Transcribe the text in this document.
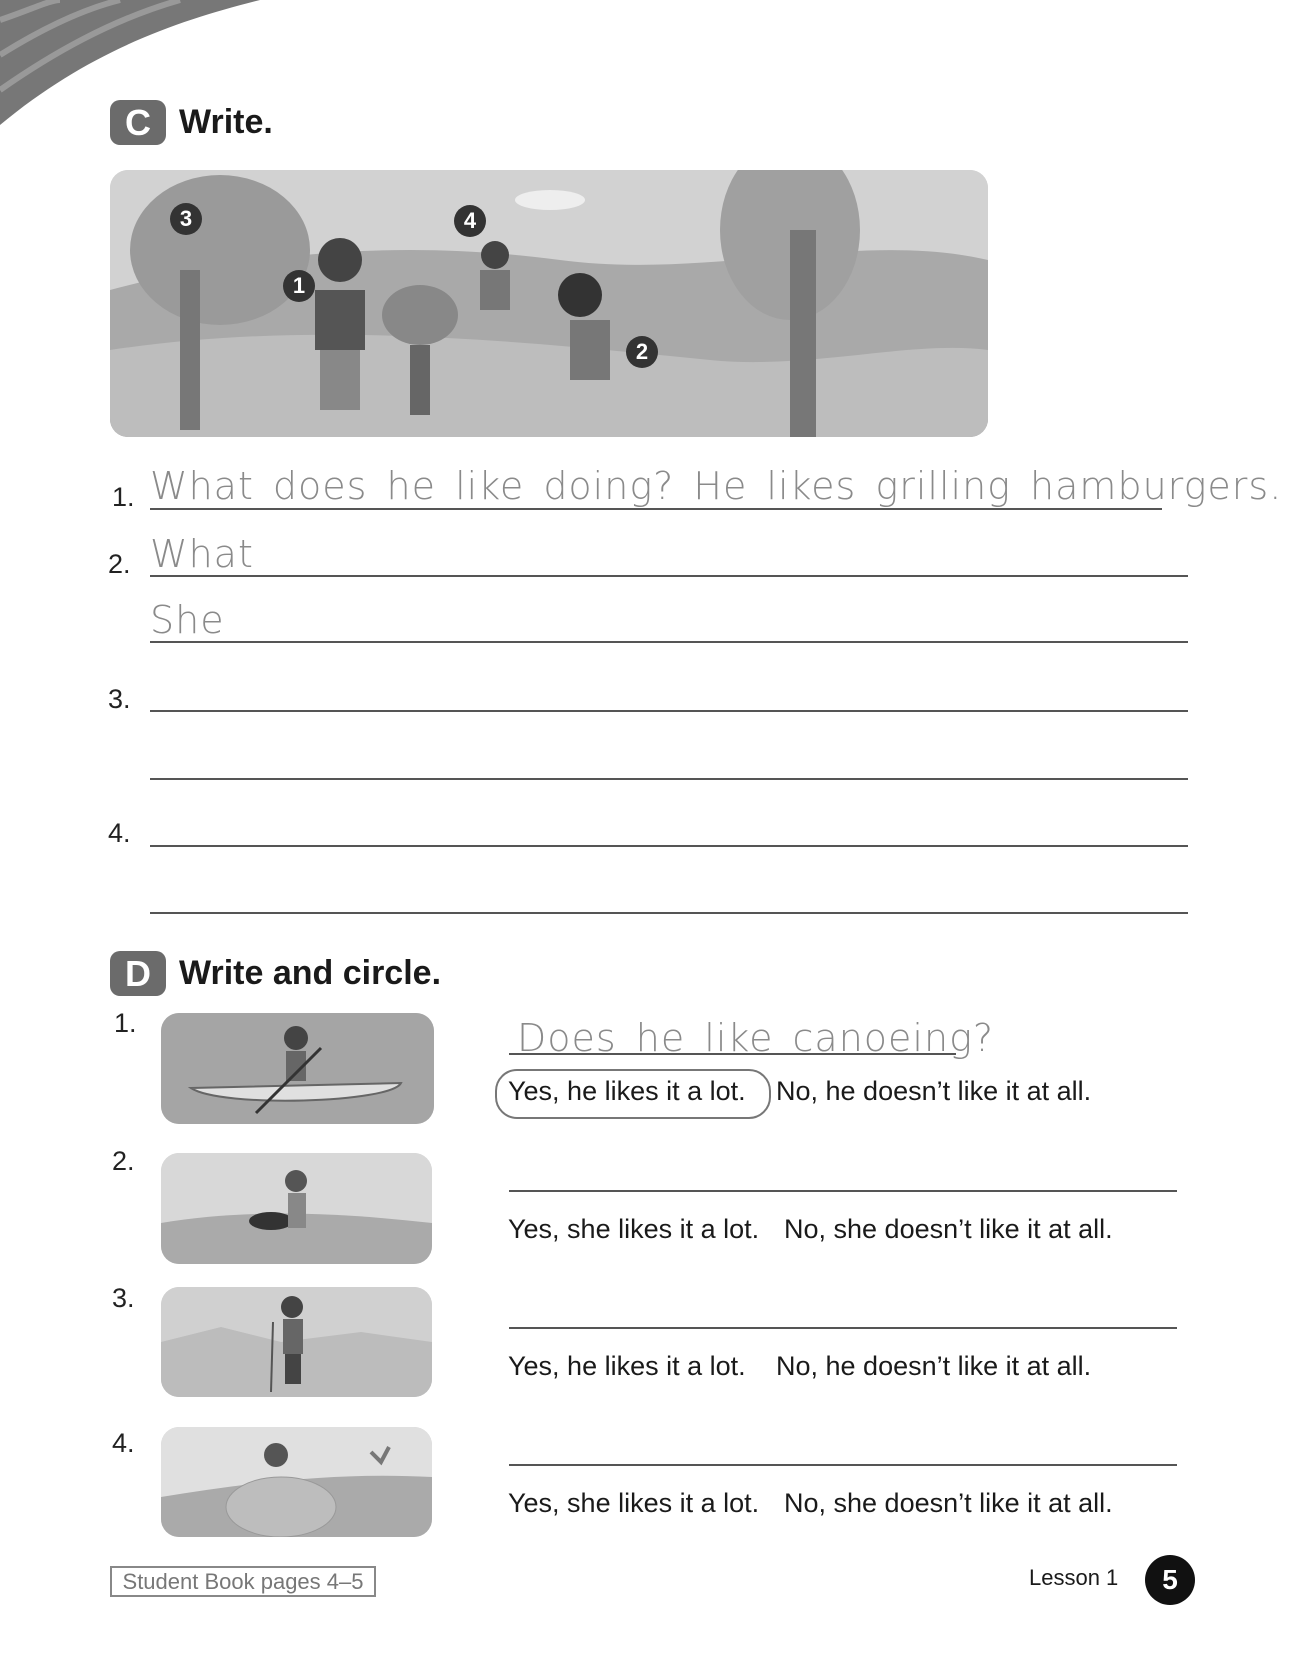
C Write.
3
1
4
2
1. What does he like doing? He likes grilling hamburgers.
2. What
She
3.
4.
D Write and circle.
1.	Does he like canoeing?
Yes, he likes it a lot. No, he doesn’t like it at all.
2.
Yes, she likes it a lot. No, she doesn’t like it at all.
3.
Yes, he likes it a lot. No, he doesn’t like it at all.
4.
Yes, she likes it a lot. No, she doesn’t like it at all.
Student Book pages 4–5	Lesson 1	5
